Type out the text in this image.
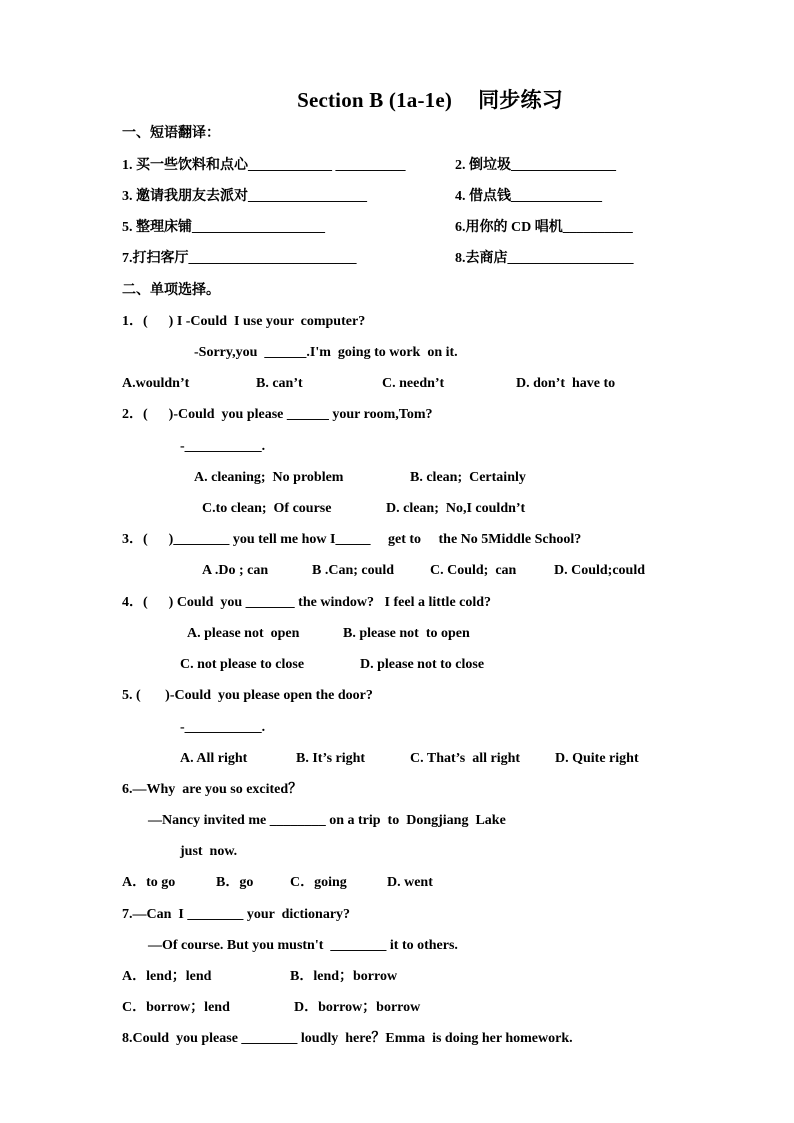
Section B (1a-1e) 同步练习
一、短语翻译：
1. 买一些饮料和点心____________ __________	2. 倒垃圾_______________
3. 邀请我朋友去派对_________________	4. 借点钱_____________
5. 整理床铺___________________	6.用你的 CD 唱机__________
7.打扫客厅________________________	8.去商店__________________
二、单项选择。
1．(      ) I -Could  I use your  computer?
-Sorry,you  ______.I'm  going to work  on it.
A.wouldn’t	B. can’t	C. needn’t	D. don’t  have to
2．(      )-Could  you please ______ your room,Tom?
-___________.
A. cleaning;  No problem	B. clean;  Certainly
C.to clean;  Of course	D. clean;  No,I couldn’t
3．(      )________ you tell me how I_____     get to     the No 5Middle School?
A .Do ; can	B .Can; could	C. Could;  can	D. Could;could
4．(      ) Could  you _______ the window?   I feel a little cold?
A. please not  open	B. please not  to open
C. not please to close	D. please not to close
5. (       )-Could  you please open the door?
-___________.
A. All right	B. It’s right	C. That’s  all right D. Quite right
6.—Why  are you so excited？
—Nancy invited me ________ on a trip  to  Dongjiang  Lake
just  now.
A．to go	B．go	C．going	D. went
7.—Can  I ________ your  dictionary?
—Of course. But you mustn't  ________ it to others.
A．lend；lend	B．lend；borrow
C．borrow；lend	D．borrow；borrow
8.Could  you please ________ loudly  here？Emma  is doing her homework.
